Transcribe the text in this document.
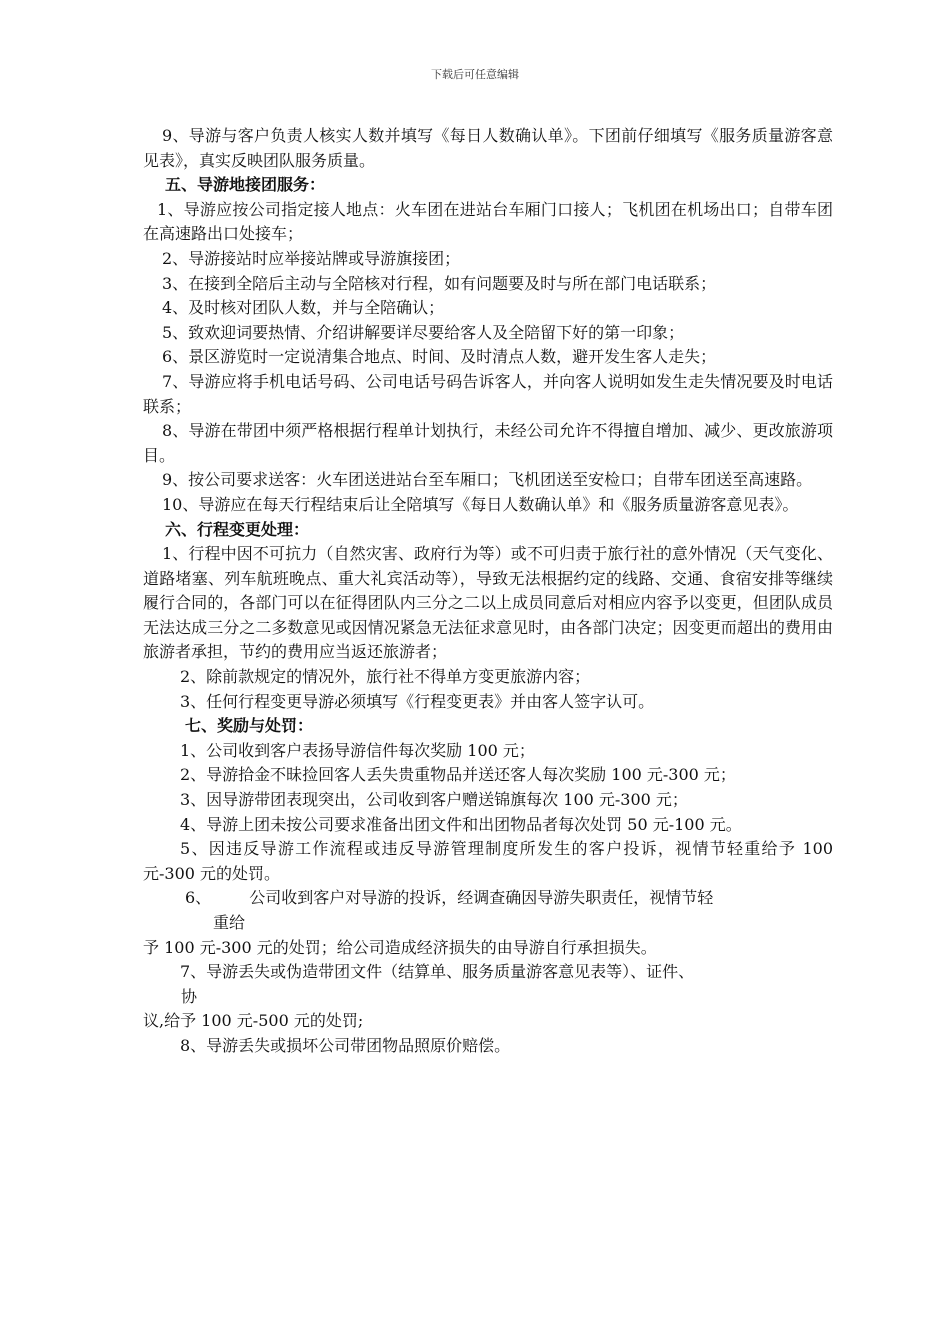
下载后可任意编辑

9、导游与客户负责人核实人数并填写《每日人数确认单》。下团前仔细填写《服务质量游客意见表》，真实反映团队服务质量。

五、导游地接团服务：

1、导游应按公司指定接人地点：火车团在进站台车厢门口接人；飞机团在机场出口；自带车团在高速路出口处接车；

2、导游接站时应举接站牌或导游旗接团；

3、在接到全陪后主动与全陪核对行程，如有问题要及时与所在部门电话联系；

4、及时核对团队人数，并与全陪确认；

5、致欢迎词要热情、介绍讲解要详尽要给客人及全陪留下好的第一印象；

6、景区游览时一定说清集合地点、时间、及时清点人数，避开发生客人走失；

7、导游应将手机电话号码、公司电话号码告诉客人，并向客人说明如发生走失情况要及时电话联系；

8、导游在带团中须严格根据行程单计划执行，未经公司允许不得擅自增加、减少、更改旅游项目。

9、按公司要求送客：火车团送进站台至车厢口；飞机团送至安检口；自带车团送至高速路。

10、导游应在每天行程结束后让全陪填写《每日人数确认单》和《服务质量游客意见表》。

六、行程变更处理：

1、行程中因不可抗力（自然灾害、政府行为等）或不可归责于旅行社的意外情况（天气变化、道路堵塞、列车航班晚点、重大礼宾活动等），导致无法根据约定的线路、交通、食宿安排等继续履行合同的，各部门可以在征得团队内三分之二以上成员同意后对相应内容予以变更，但团队成员无法达成三分之二多数意见或因情况紧急无法征求意见时，由各部门决定；因变更而超出的费用由旅游者承担，节约的费用应当返还旅游者；

2、除前款规定的情况外，旅行社不得单方变更旅游内容；

3、任何行程变更导游必须填写《行程变更表》并由客人签字认可。

七、奖励与处罚：

1、公司收到客户表扬导游信件每次奖励 100 元；

2、导游拾金不昧捡回客人丢失贵重物品并送还客人每次奖励 100 元-300 元；

3、因导游带团表现突出，公司收到客户赠送锦旗每次 100 元-300 元；

4、导游上团未按公司要求准备出团文件和出团物品者每次处罚 50 元-100 元。

5、因违反导游工作流程或违反导游管理制度所发生的客户投诉，视情节轻重给予 100 元-300 元的处罚。

6、 公司收到客户对导游的投诉，经调查确因导游失职责任，视情节轻

重给

予 100 元-300 元的处罚；给公司造成经济损失的由导游自行承担损失。

7、导游丢失或伪造带团文件（结算单、服务质量游客意见表等）、证件、

协

议,给予 100 元-500 元的处罚;

8、导游丢失或损坏公司带团物品照原价赔偿。
